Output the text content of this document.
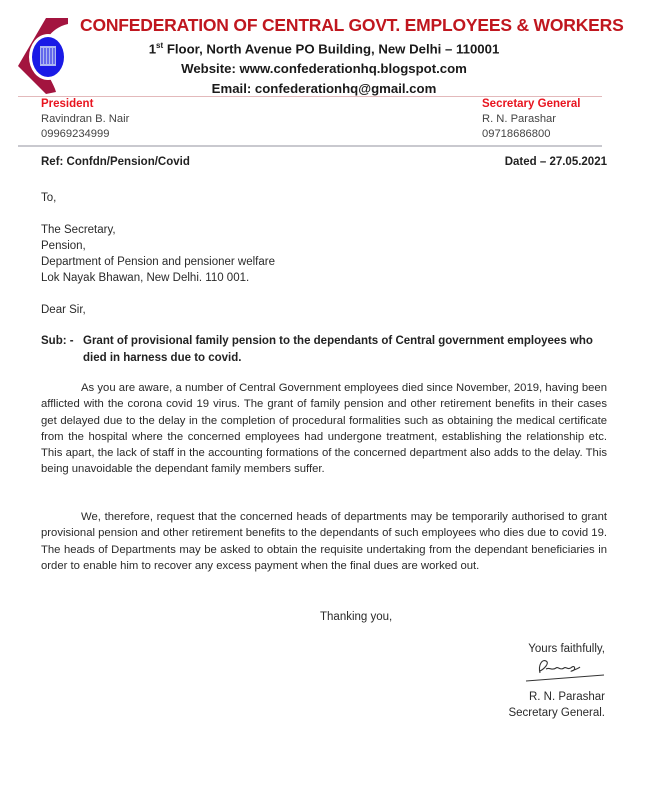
CONFEDERATION OF CENTRAL GOVT. EMPLOYEES & WORKERS
1st Floor, North Avenue PO Building, New Delhi – 110001
Website: www.confederationhq.blogspot.com
Email: confederationhq@gmail.com
President
Ravindran B. Nair
09969234999
Secretary General
R. N. Parashar
09718686800
Ref: Confdn/Pension/Covid	Dated – 27.05.2021
To,
The Secretary,
Pension,
Department of Pension and pensioner welfare
Lok Nayak Bhawan, New Delhi. 110 001.
Dear Sir,
Sub: - Grant of provisional family pension to the dependants of Central government employees who died in harness due to covid.
As you are aware, a number of Central Government employees died since November, 2019, having been afflicted with the corona covid 19 virus. The grant of family pension and other retirement benefits in their cases get delayed due to the delay in the completion of procedural formalities such as obtaining the medical certificate from the hospital where the concerned employees had undergone treatment, establishing the relationship etc. This apart, the lack of staff in the accounting formations of the concerned department also adds to the delay. This being unavoidable the dependant family members suffer.
We, therefore, request that the concerned heads of departments may be temporarily authorised to grant provisional pension and other retirement benefits to the dependants of such employees who dies due to covid 19. The heads of Departments may be asked to obtain the requisite undertaking from the dependant beneficiaries in order to enable him to recover any excess payment when the final dues are worked out.
Thanking you,
Yours faithfully,
R. N. Parashar
Secretary General.
